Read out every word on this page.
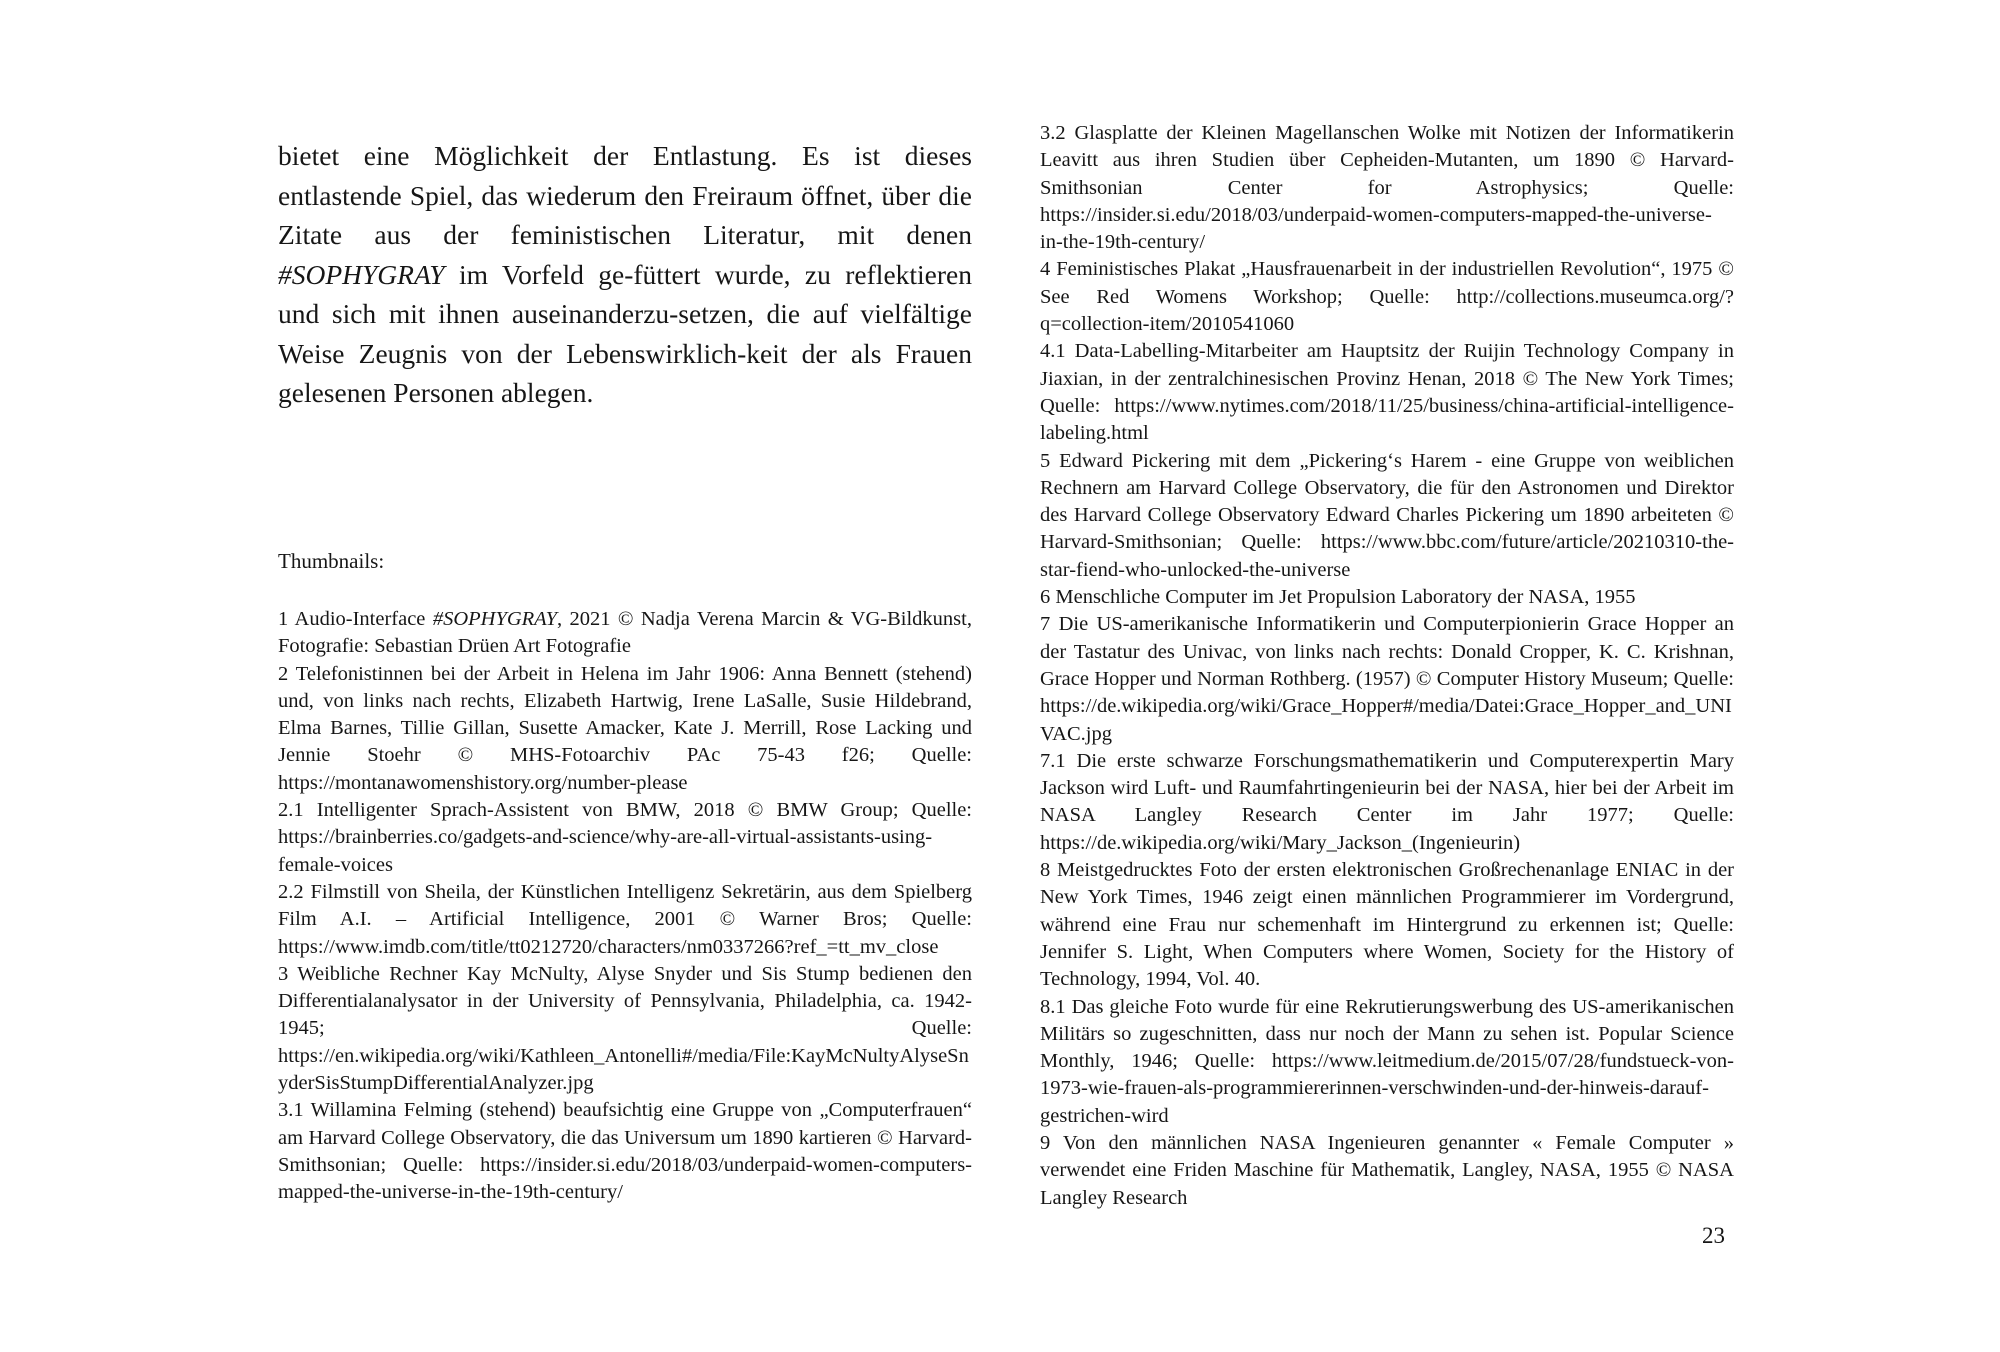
bietet eine Möglichkeit der Entlastung. Es ist dieses entlastende Spiel, das wiederum den Freiraum öffnet, über die Zitate aus der feministischen Literatur, mit denen #SOPHYGRAY im Vorfeld ge-füttert wurde, zu reflektieren und sich mit ihnen auseinanderzu-setzen, die auf vielfältige Weise Zeugnis von der Lebenswirklich-keit der als Frauen gelesenen Personen ablegen.

Thumbnails:

1 Audio-Interface #SOPHYGRAY, 2021 © Nadja Verena Marcin & VG-Bildkunst, Fotografie: Sebastian Drüen Art Fotografie

2 Telefonistinnen bei der Arbeit in Helena im Jahr 1906: Anna Bennett (stehend) und, von links nach rechts, Elizabeth Hartwig, Irene LaSalle, Susie Hildebrand, Elma Barnes, Tillie Gillan, Susette Amacker, Kate J. Merrill, Rose Lacking und Jennie Stoehr © MHS-Fotoarchiv PAc 75-43 f26; Quelle: https://montanawomenshistory.org/number-please

2.1 Intelligenter Sprach-Assistent von BMW, 2018 © BMW Group; Quelle: https://brainberries.co/gadgets-and-science/why-are-all-virtual-assistants-using-female-voices

2.2 Filmstill von Sheila, der Künstlichen Intelligenz Sekretärin, aus dem Spielberg Film A.I. – Artificial Intelligence, 2001 © Warner Bros; Quelle: https://www.imdb.com/title/tt0212720/characters/nm0337266?ref_=tt_mv_close

3 Weibliche Rechner Kay McNulty, Alyse Snyder und Sis Stump bedienen den Differentialanalysator in der University of Pennsylvania, Philadelphia, ca. 1942-1945; Quelle: https://en.wikipedia.org/wiki/Kathleen_Antonelli#/media/File:KayMcNultyAlyseSnyderSisStumpDifferentialAnalyzer.jpg

3.1 Willamina Felming (stehend) beaufsichtig eine Gruppe von „Computerfrauen“ am Harvard College Observatory, die das Universum um 1890 kartieren © Harvard-Smithsonian; Quelle: https://insider.si.edu/2018/03/underpaid-women-computers-mapped-the-universe-in-the-19th-century/

3.2 Glasplatte der Kleinen Magellanschen Wolke mit Notizen der Informatikerin Leavitt aus ihren Studien über Cepheiden-Mutanten, um 1890 © Harvard-Smithsonian Center for Astrophysics; Quelle: https://insider.si.edu/2018/03/underpaid-women-computers-mapped-the-universe-in-the-19th-century/

4 Feministisches Plakat „Hausfrauenarbeit in der industriellen Revolution“, 1975 © See Red Womens Workshop; Quelle: http://collections.museumca.org/?q=collection-item/2010541060

4.1 Data-Labelling-Mitarbeiter am Hauptsitz der Ruijin Technology Company in Jiaxian, in der zentralchinesischen Provinz Henan, 2018 © The New York Times; Quelle: https://www.nytimes.com/2018/11/25/business/china-artificial-intelligence-labeling.html

5 Edward Pickering mit dem „Pickering‘s Harem - eine Gruppe von weiblichen Rechnern am Harvard College Observatory, die für den Astronomen und Direktor des Harvard College Observatory Edward Charles Pickering um 1890 arbeiteten © Harvard-Smithsonian; Quelle: https://www.bbc.com/future/article/20210310-the-star-fiend-who-unlocked-the-universe

6 Menschliche Computer im Jet Propulsion Laboratory der NASA, 1955

7 Die US-amerikanische Informatikerin und Computerpionierin Grace Hopper an der Tastatur des Univac, von links nach rechts: Donald Cropper, K. C. Krishnan, Grace Hopper und Norman Rothberg. (1957) © Computer History Museum; Quelle: https://de.wikipedia.org/wiki/Grace_Hopper#/media/Datei:Grace_Hopper_and_UNIVAC.jpg

7.1 Die erste schwarze Forschungsmathematikerin und Computerexpertin Mary Jackson wird Luft- und Raumfahrtingenieurin bei der NASA, hier bei der Arbeit im NASA Langley Research Center im Jahr 1977; Quelle: https://de.wikipedia.org/wiki/Mary_Jackson_(Ingenieurin)

8 Meistgedrucktes Foto der ersten elektronischen Großrechenanlage ENIAC in der New York Times, 1946 zeigt einen männlichen Programmierer im Vordergrund, während eine Frau nur schemenhaft im Hintergrund zu erkennen ist; Quelle: Jennifer S. Light, When Computers where Women, Society for the History of Technology, 1994, Vol. 40.

8.1 Das gleiche Foto wurde für eine Rekrutierungswerbung des US-amerikanischen Militärs so zugeschnitten, dass nur noch der Mann zu sehen ist. Popular Science Monthly, 1946; Quelle: https://www.leitmedium.de/2015/07/28/fundstueck-von-1973-wie-frauen-als-programmiererinnen-verschwinden-und-der-hinweis-darauf-gestrichen-wird

9 Von den männlichen NASA Ingenieuren genannter « Female Computer » verwendet eine Friden Maschine für Mathematik, Langley, NASA, 1955 © NASA Langley Research

23
